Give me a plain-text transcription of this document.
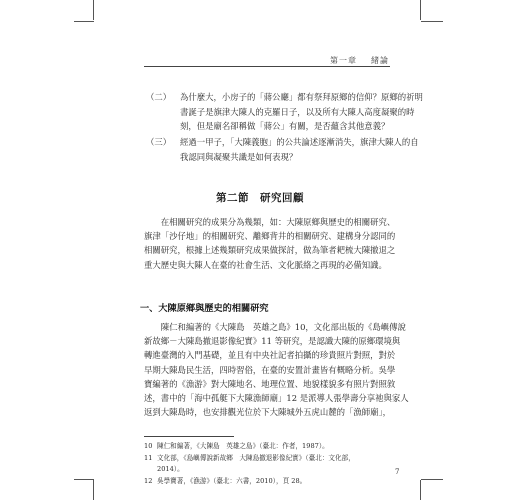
第一章 緒論
（二） 為什麼大，小房子的「蔣公廳」都有祭拜原鄉的信仰？原鄉的祈明
書誕子是旗津大陳人的克羅日子，以及所有大陳人高度凝聚的時
刻，但是廟名卻稱做「蔣公」有關，是否蘊含其他意義？
（三） 經過一甲子，「大陳義胞」的公共論述逐漸消失，旗津大陳人的自
我認同與凝聚共識是如何表現？
第二節　研究回顧
　　在相關研究的成果分為幾類，如：大陳原鄉與歷史的相關研究、
旗津「沙仔地」的相關研究、離鄉背井的相關研究、建構身分認同的
相關研究，根據上述幾類研究成果做探討，做為筆者耙梳大陳撤退之
重大歷史與大陳人在臺的社會生活、文化脈絡之再現的必備知識。
一、大陳原鄉與歷史的相關研究
　　陳仁和編著的《大陳島　英雄之島》10，文化部出版的《島嶼傳說
新故鄉－大陳島撤退影像紀實》11 等研究，是認識大陳的原鄉環境與
轉進臺灣的入門基礎，並且有中央社記者拍攝的珍貴照片對照，對於
早期大陳島民生活，四時習俗，在臺的安置計畫皆有概略分析。吳學
寶編著的《漁游》對大陳地名、地理位置、地貌樣貌多有照片對照敘
述，書中的「海中孤艇下大陳漁師廟」12 是派導人張學壽分享祂與家人
返到大陳島時，也安排觀光位於下大陳城外五虎山麓的「漁師廟」，
10 陳仁和編著，《大陳島　英雄之島》（臺北：作者，1987）。
11 文化部，《島嶼傳說新故鄉　大陳島撤退影像紀實》（臺北：文化部，
2014）。
12 吳學寶著，《漁游》（臺北：六書，2010），頁 28。
7
